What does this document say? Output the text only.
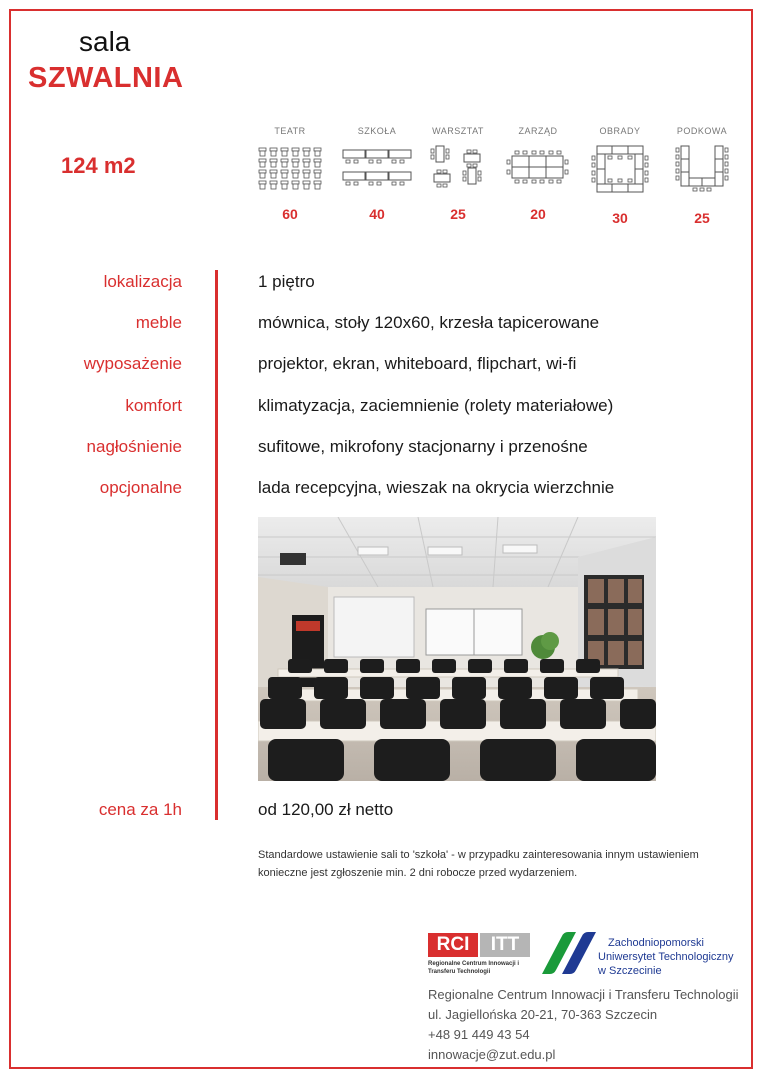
sala
SZWALNIA
124 m2
TEATR
60
SZKOŁA
40
WARSZTAT
25
ZARZĄD
20
OBRADY
30
PODKOWA
25
lokalizacja	1 piętro
meble	mównica, stoły 120x60, krzesła tapicerowane
wyposażenie	projektor, ekran, whiteboard, flipchart, wi-fi
komfort	klimatyzacja, zaciemnienie (rolety materiałowe)
nagłośnienie	sufitowe, mikrofony stacjonarny i przenośne
opcjonalne	lada recepcyjna, wieszak na okrycia wierzchnie
cena za 1h	od 120,00 zł netto
Standardowe ustawienie sali to 'szkoła' - w przypadku zainteresowania innym ustawieniem konieczne jest zgłoszenie min. 2 dni robocze przed wydarzeniem.
RCI ITT
Regionalne Centrum Innowacji i Transferu Technologii
Zachodniopomorski
Uniwersytet Technologiczny
w Szczecinie
Regionalne Centrum Innowacji i Transferu Technologii
ul. Jagiellońska 20-21, 70-363 Szczecin
+48 91 449 43 54
innowacje@zut.edu.pl
